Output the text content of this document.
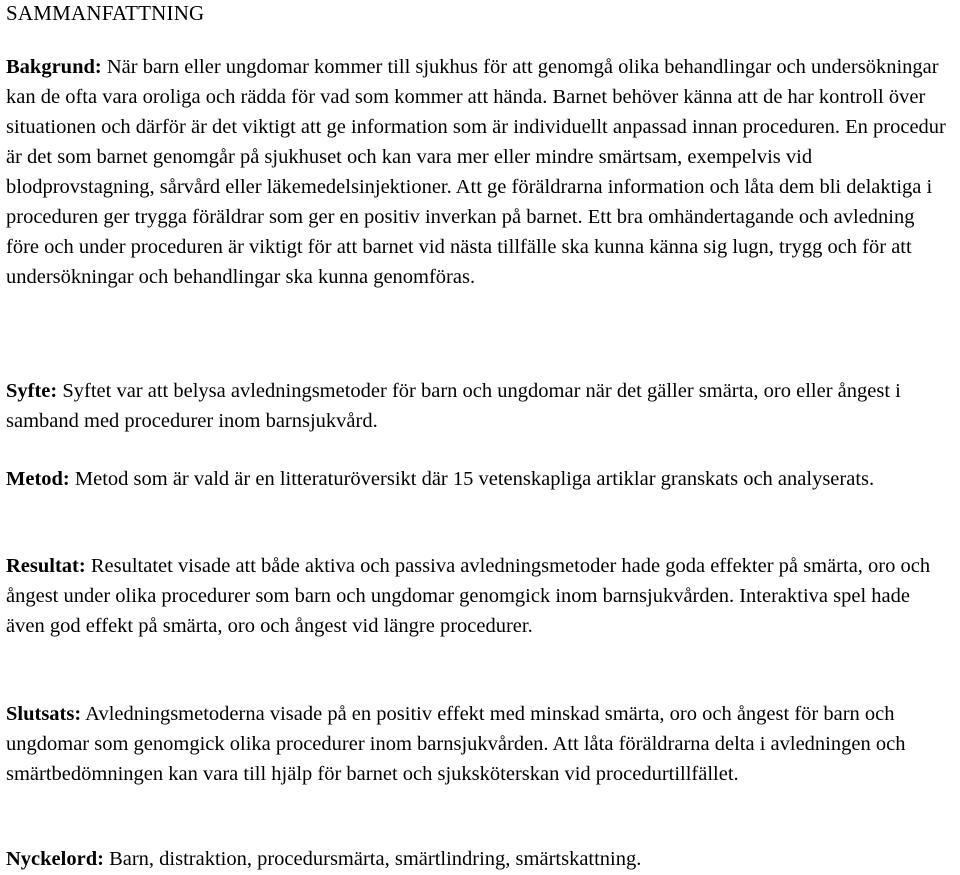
SAMMANFATTNING

Bakgrund: När barn eller ungdomar kommer till sjukhus för att genomgå olika behandlingar och undersökningar kan de ofta vara oroliga och rädda för vad som kommer att hända. Barnet behöver känna att de har kontroll över situationen och därför är det viktigt att ge information som är individuellt anpassad innan proceduren. En procedur är det som barnet genomgår på sjukhuset och kan vara mer eller mindre smärtsam, exempelvis vid blodprovstagning, sårvård eller läkemedelsinjektioner. Att ge föräldrarna information och låta dem bli delaktiga i proceduren ger trygga föräldrar som ger en positiv inverkan på barnet. Ett bra omhändertagande och avledning före och under proceduren är viktigt för att barnet vid nästa tillfälle ska kunna känna sig lugn, trygg och för att undersökningar och behandlingar ska kunna genomföras.

Syfte: Syftet var att belysa avledningsmetoder för barn och ungdomar när det gäller smärta, oro eller ångest i samband med procedurer inom barnsjukvård.

Metod: Metod som är vald är en litteraturöversikt där 15 vetenskapliga artiklar granskats och analyserats.

Resultat: Resultatet visade att både aktiva och passiva avledningsmetoder hade goda effekter på smärta, oro och ångest under olika procedurer som barn och ungdomar genomgick inom barnsjukvården. Interaktiva spel hade även god effekt på smärta, oro och ångest vid längre procedurer.

Slutsats: Avledningsmetoderna visade på en positiv effekt med minskad smärta, oro och ångest för barn och ungdomar som genomgick olika procedurer inom barnsjukvården. Att låta föräldrarna delta i avledningen och smärtbedömningen kan vara till hjälp för barnet och sjuksköterskan vid procedurtillfället.

Nyckelord: Barn, distraktion, procedursmärta, smärtlindring, smärtskattning.
